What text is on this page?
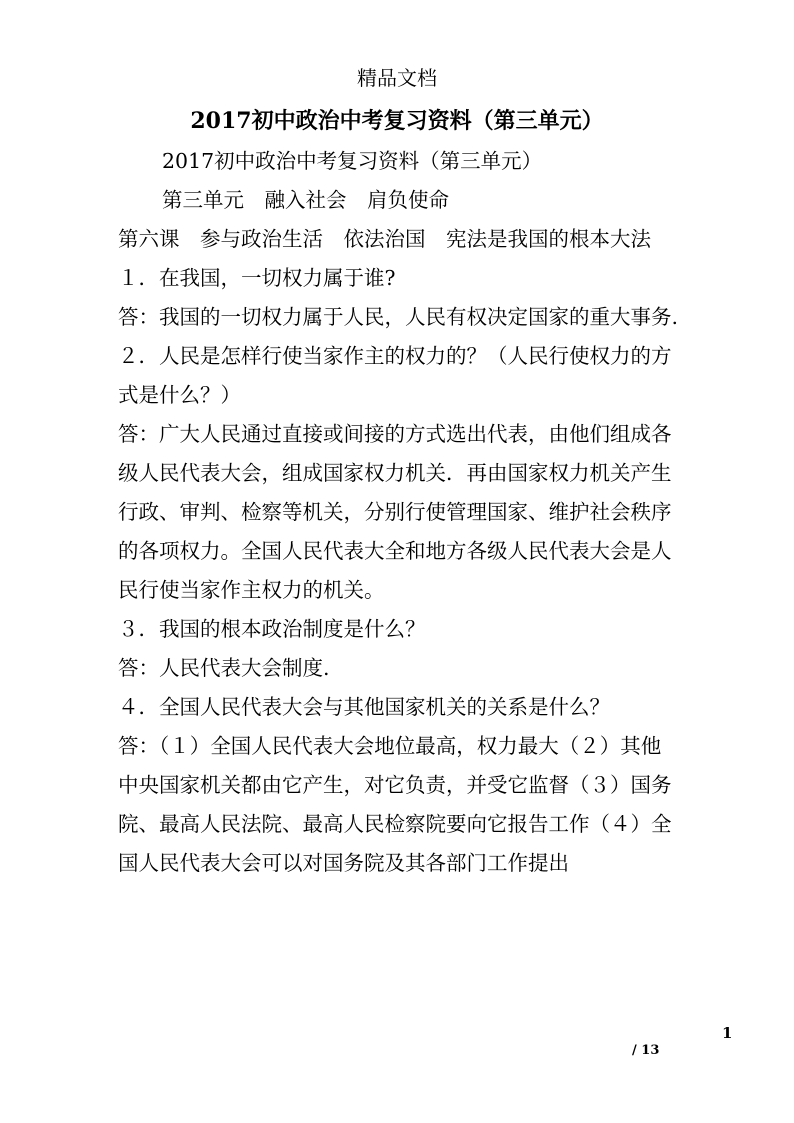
精品文档
2017初中政治中考复习资料（第三单元）

2017初中政治中考复习资料（第三单元）

第三单元　融入社会　肩负使命

第六课　参与政治生活　依法治国　宪法是我国的根本大法

１．在我国，一切权力属于谁?

答：我国的一切权力属于人民，人民有权决定国家的重大事务.

２．人民是怎样行使当家作主的权力的？（人民行使权力的方式是什么？）

答：广大人民通过直接或间接的方式选出代表，由他们组成各级人民代表大会，组成国家权力机关．再由国家权力机关产生行政、审判、检察等机关，分别行使管理国家、维护社会秩序的各项权力。全国人民代表大全和地方各级人民代表大会是人民行使当家作主权力的机关。

３．我国的根本政治制度是什么？

答：人民代表大会制度.

４．全国人民代表大会与其他国家机关的关系是什么？

答：（１）全国人民代表大会地位最高，权力最大（２）其他中央国家机关都由它产生，对它负责，并受它监督（３）国务院、最高人民法院、最高人民检察院要向它报告工作（４）全国人民代表大会可以对国务院及其各部门工作提出

1
/ 13
